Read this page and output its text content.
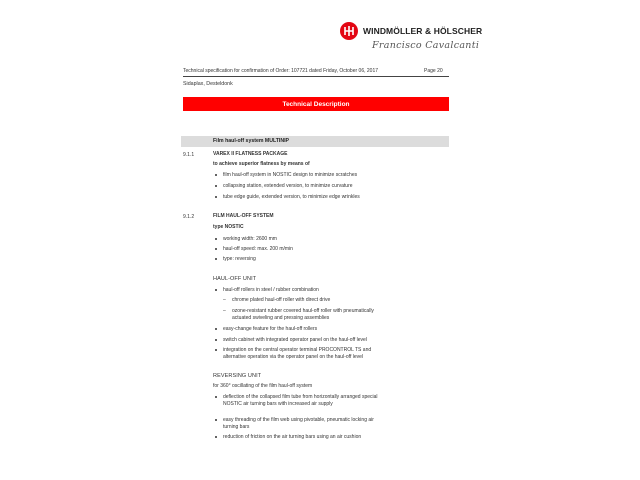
WINDMÖLLER & HÖLSCHER
Francisco Cavalcanti
Technical specification for confirmation of Order: 107721 dated Friday, October 06, 2017	Page 20
Sidaplax, Desteldonk
Technical Description
Film haul-off system MULTINIP
9.1.1	VAREX II FLATNESS PACKAGE
to achieve superior flatness by means of
film haul-off system in NOSTIC design to minimize scratches
collapsing station, extended version, to minimize curvature
tube edge guide, extended version, to minimize edge wrinkles
9.1.2	FILM HAUL-OFF SYSTEM
type NOSTIC
working width: 2600 mm
haul-off speed: max. 200 m/min
type: reversing
HAUL-OFF UNIT
haul-off rollers in steel / rubber combination
– chrome plated haul-off roller with direct drive
– ozone-resistant rubber covered haul-off roller with pneumatically
actuated swiveling and pressing assemblies
easy-change feature for the haul-off rollers
switch cabinet with integrated operator panel on the haul-off level
integration on the central operator terminal PROCONTROL TS and
alternative operation via the operator panel on the haul-off level
REVERSING UNIT
for 360° oscillating of the film haul-off system
deflection of the collapsed film tube from horizontally arranged special
NOSTIC air turning bars with increased air supply
easy threading of the film web using pivotable, pneumatic locking air
turning bars
reduction of friction on the air turning bars using an air cushion
